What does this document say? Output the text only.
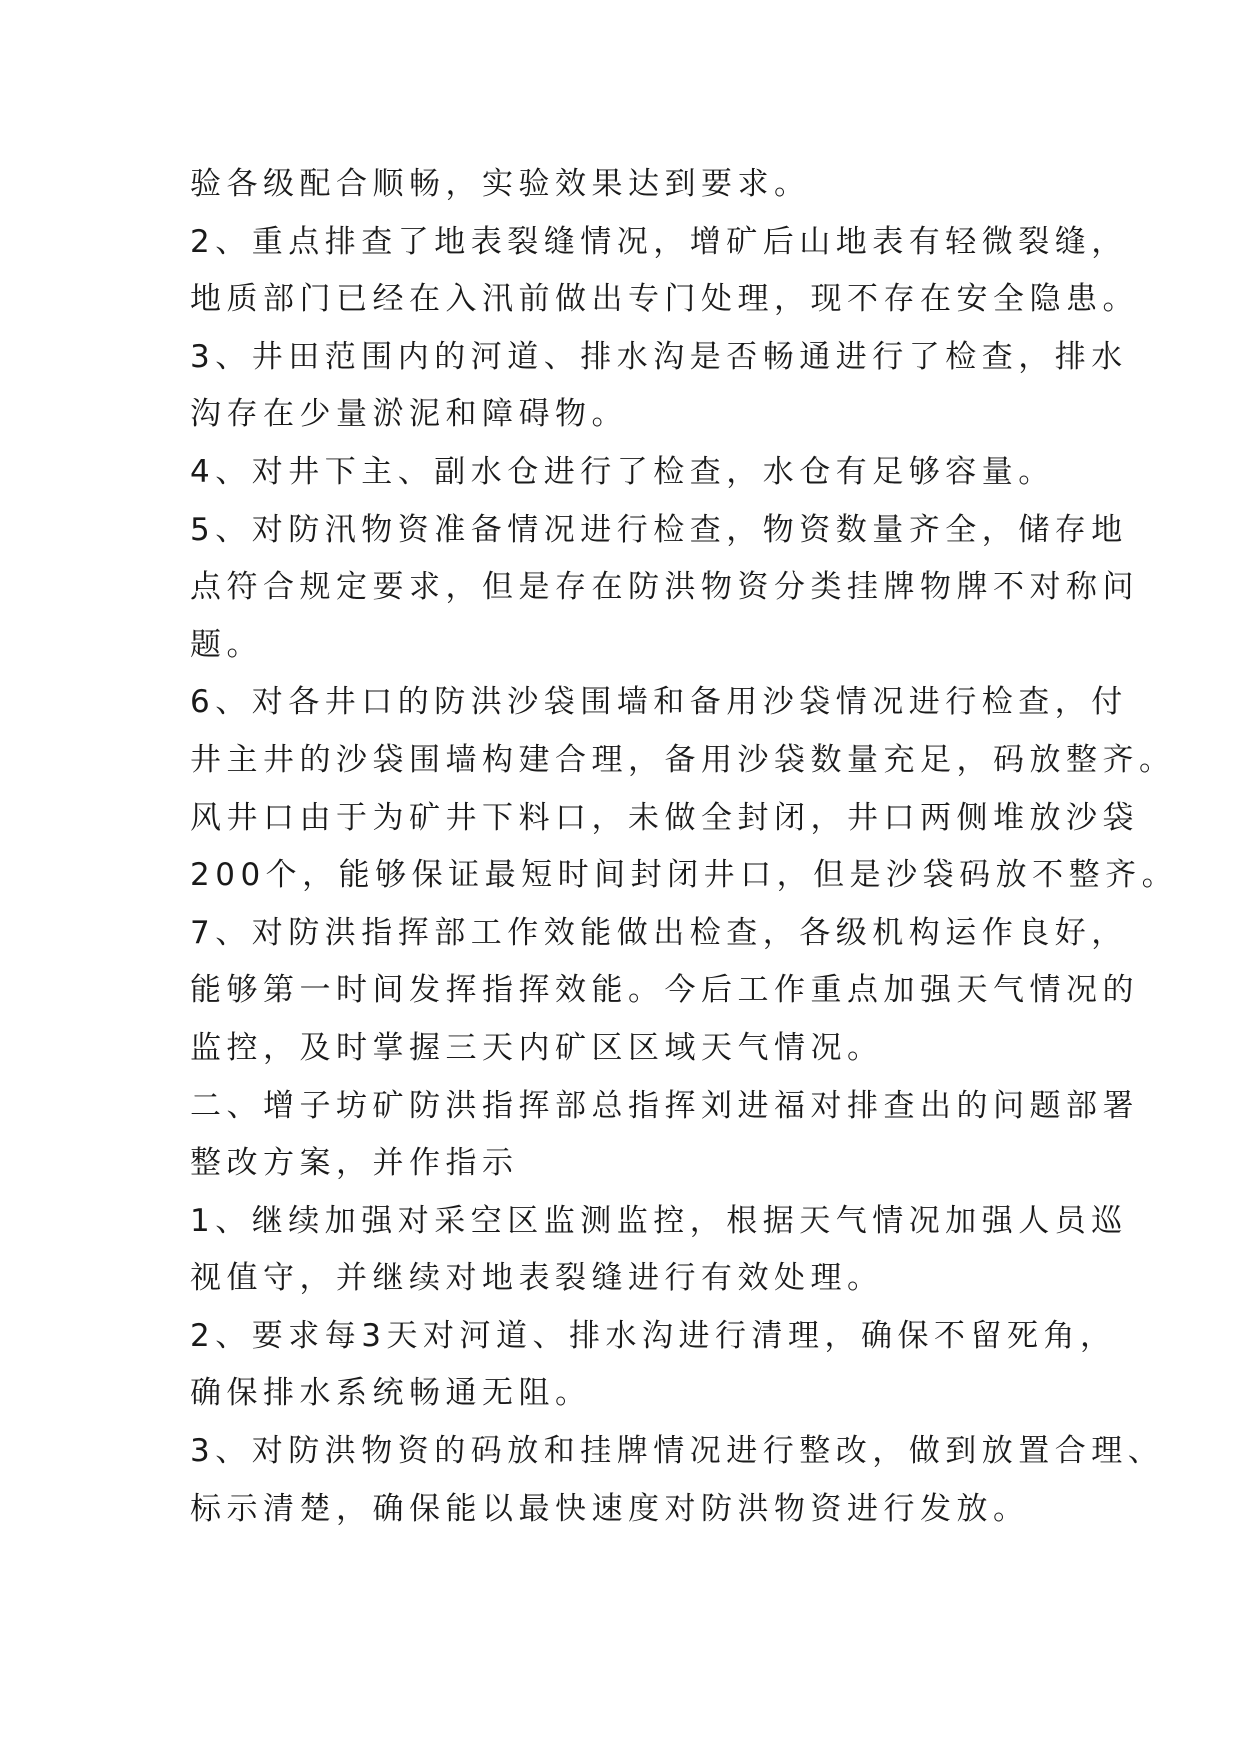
验各级配合顺畅，实验效果达到要求。
2、重点排查了地表裂缝情况，增矿后山地表有轻微裂缝，
地质部门已经在入汛前做出专门处理，现不存在安全隐患。
3、井田范围内的河道、排水沟是否畅通进行了检查，排水
沟存在少量淤泥和障碍物。
4、对井下主、副水仓进行了检查，水仓有足够容量。
5、对防汛物资准备情况进行检查，物资数量齐全，储存地
点符合规定要求，但是存在防洪物资分类挂牌物牌不对称问
题。
6、对各井口的防洪沙袋围墙和备用沙袋情况进行检查，付
井主井的沙袋围墙构建合理，备用沙袋数量充足，码放整齐。
风井口由于为矿井下料口，未做全封闭，井口两侧堆放沙袋
200个，能够保证最短时间封闭井口，但是沙袋码放不整齐。
7、对防洪指挥部工作效能做出检查，各级机构运作良好，
能够第一时间发挥指挥效能。今后工作重点加强天气情况的
监控，及时掌握三天内矿区区域天气情况。
二、增子坊矿防洪指挥部总指挥刘进福对排查出的问题部署
整改方案，并作指示
1、继续加强对采空区监测监控，根据天气情况加强人员巡
视值守，并继续对地表裂缝进行有效处理。
2、要求每3天对河道、排水沟进行清理，确保不留死角，
确保排水系统畅通无阻。
3、对防洪物资的码放和挂牌情况进行整改，做到放置合理、
标示清楚，确保能以最快速度对防洪物资进行发放。
